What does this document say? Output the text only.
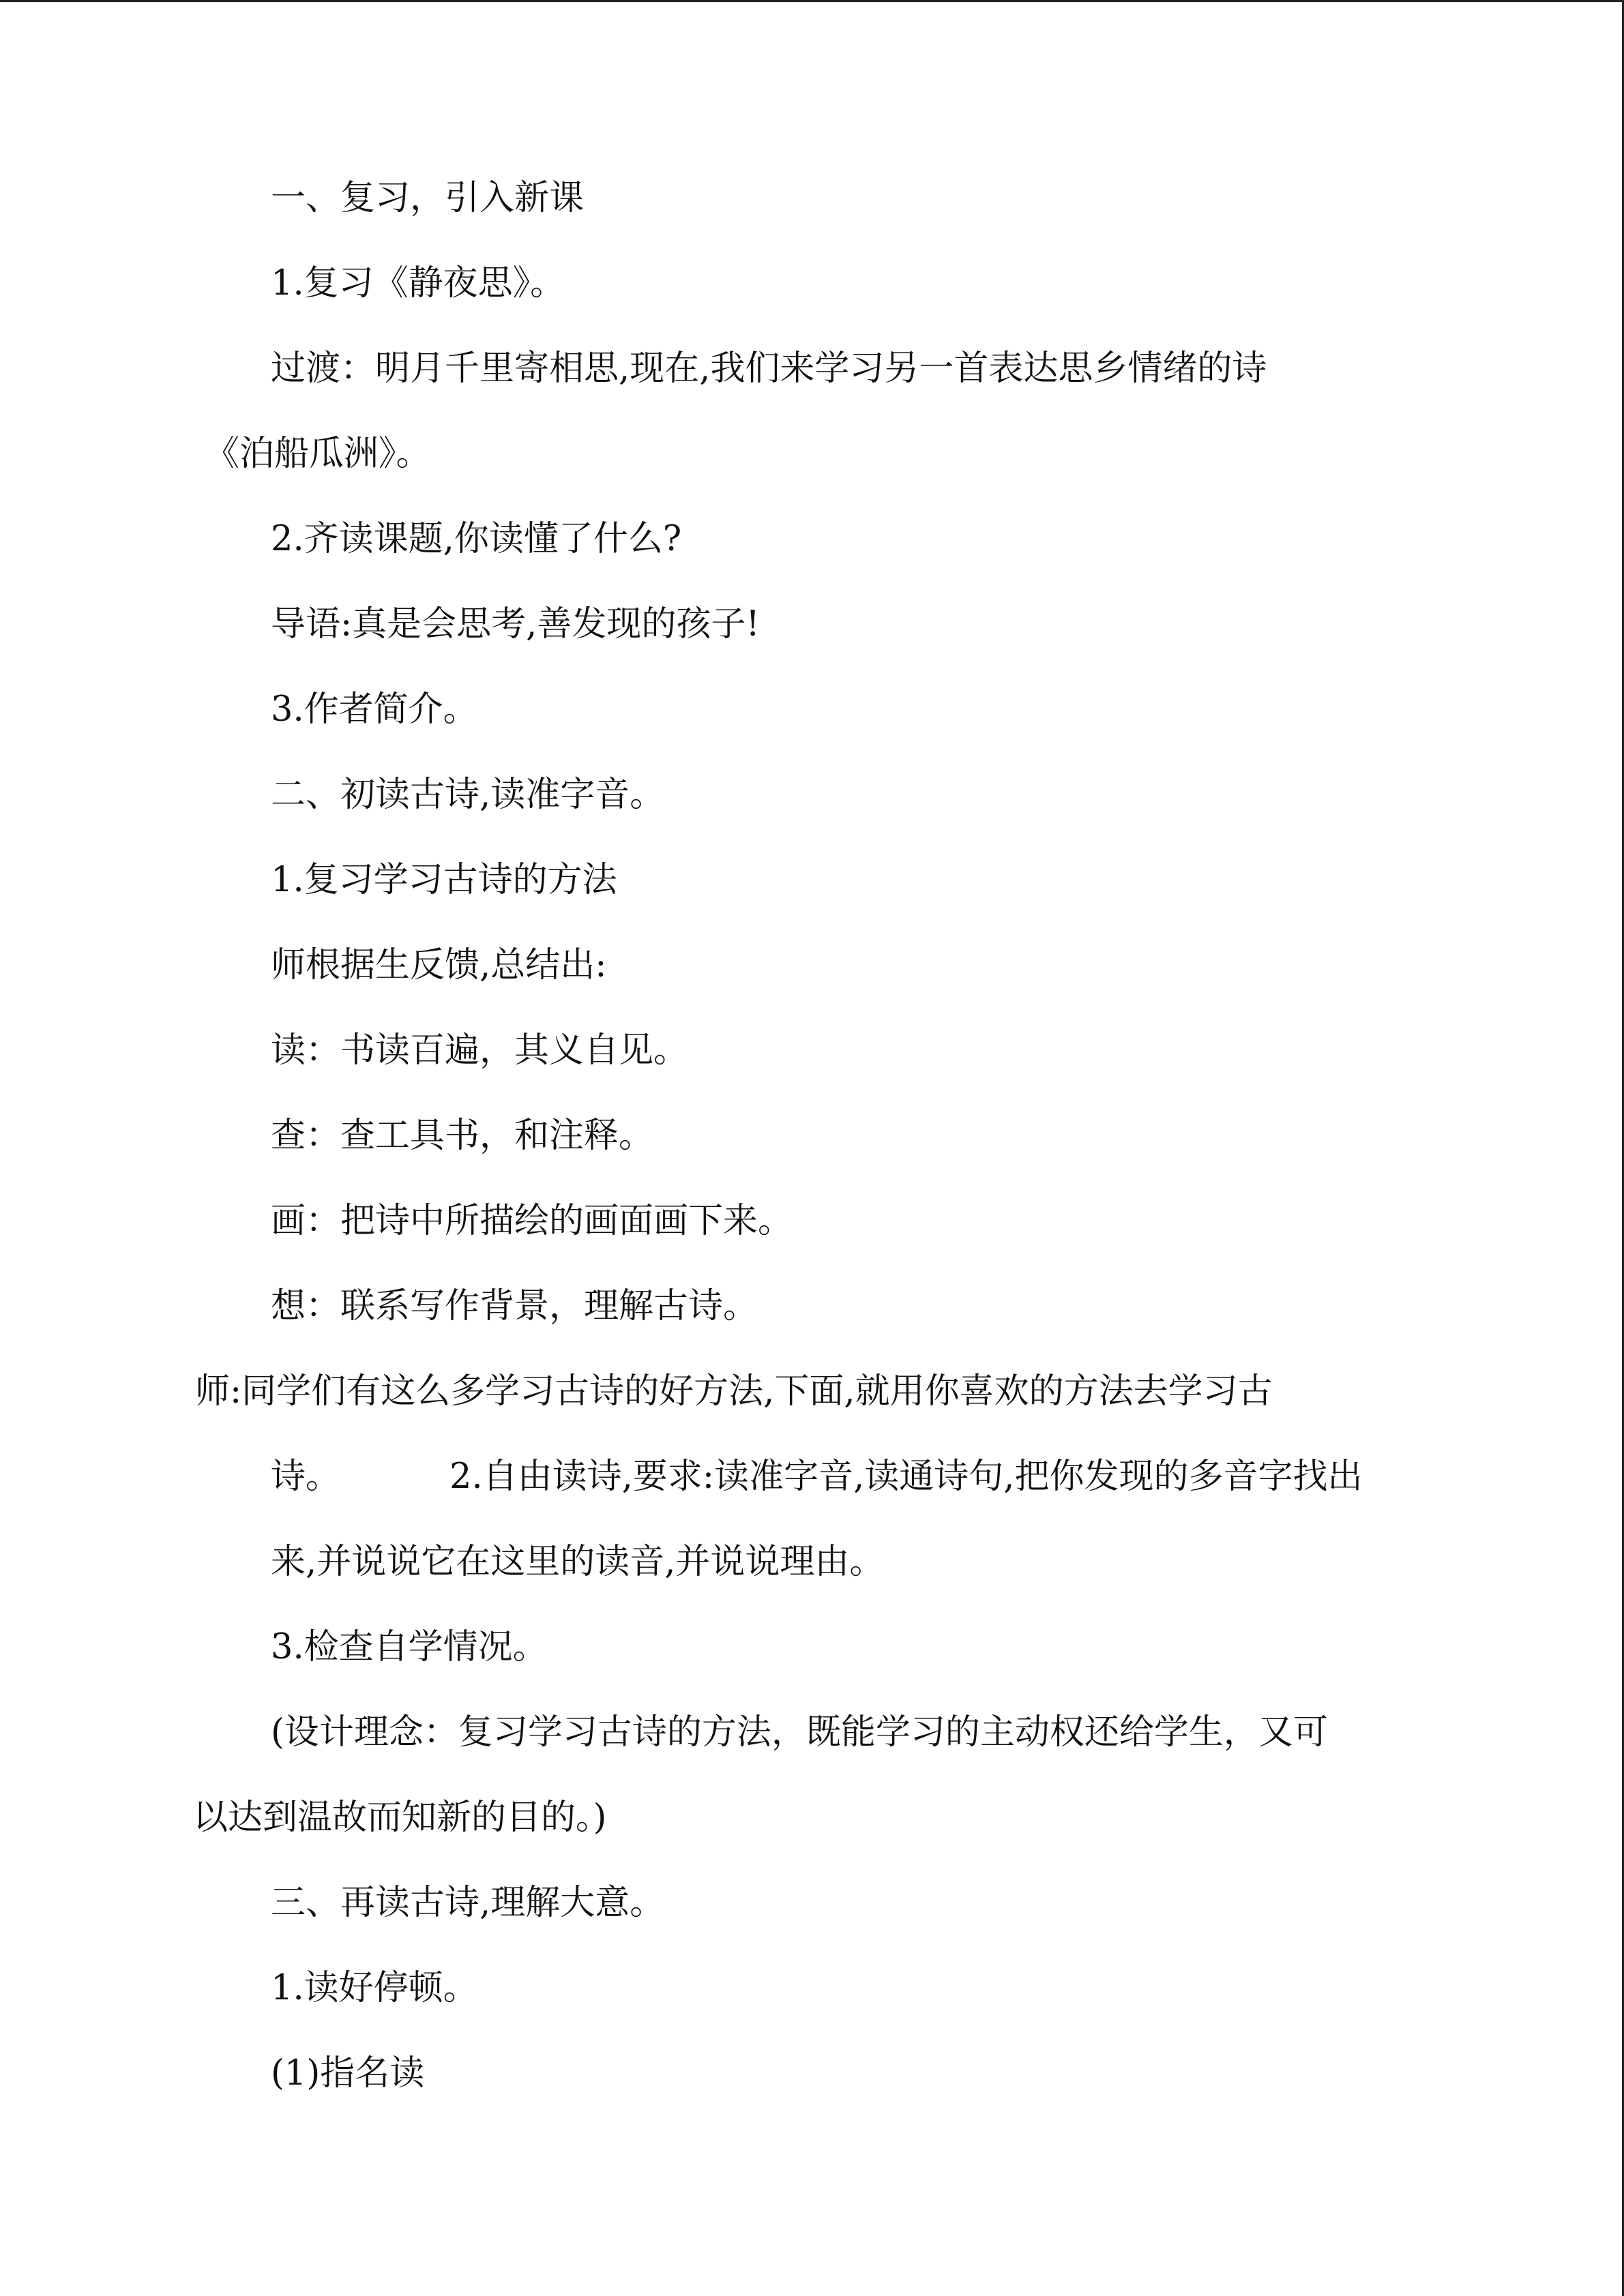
一、复习，引入新课

1.复习《静夜思》。

过渡：明月千里寄相思,现在,我们来学习另一首表达思乡情绪的诗

《泊船瓜洲》。

2.齐读课题,你读懂了什么?

导语:真是会思考,善发现的孩子!

3.作者简介。

二、初读古诗,读准字音。

1.复习学习古诗的方法

师根据生反馈,总结出:

读：书读百遍，其义自见。

查：查工具书，和注释。

画：把诗中所描绘的画面画下来。

想：联系写作背景，理解古诗。

师:同学们有这么多学习古诗的好方法,下面,就用你喜欢的方法去学习古

诗。	2.自由读诗,要求:读准字音,读通诗句,把你发现的多音字找出

来,并说说它在这里的读音,并说说理由。

3.检查自学情况。

(设计理念：复习学习古诗的方法，既能学习的主动权还给学生，又可

以达到温故而知新的目的。)

三、再读古诗,理解大意。

1.读好停顿。

(1)指名读
